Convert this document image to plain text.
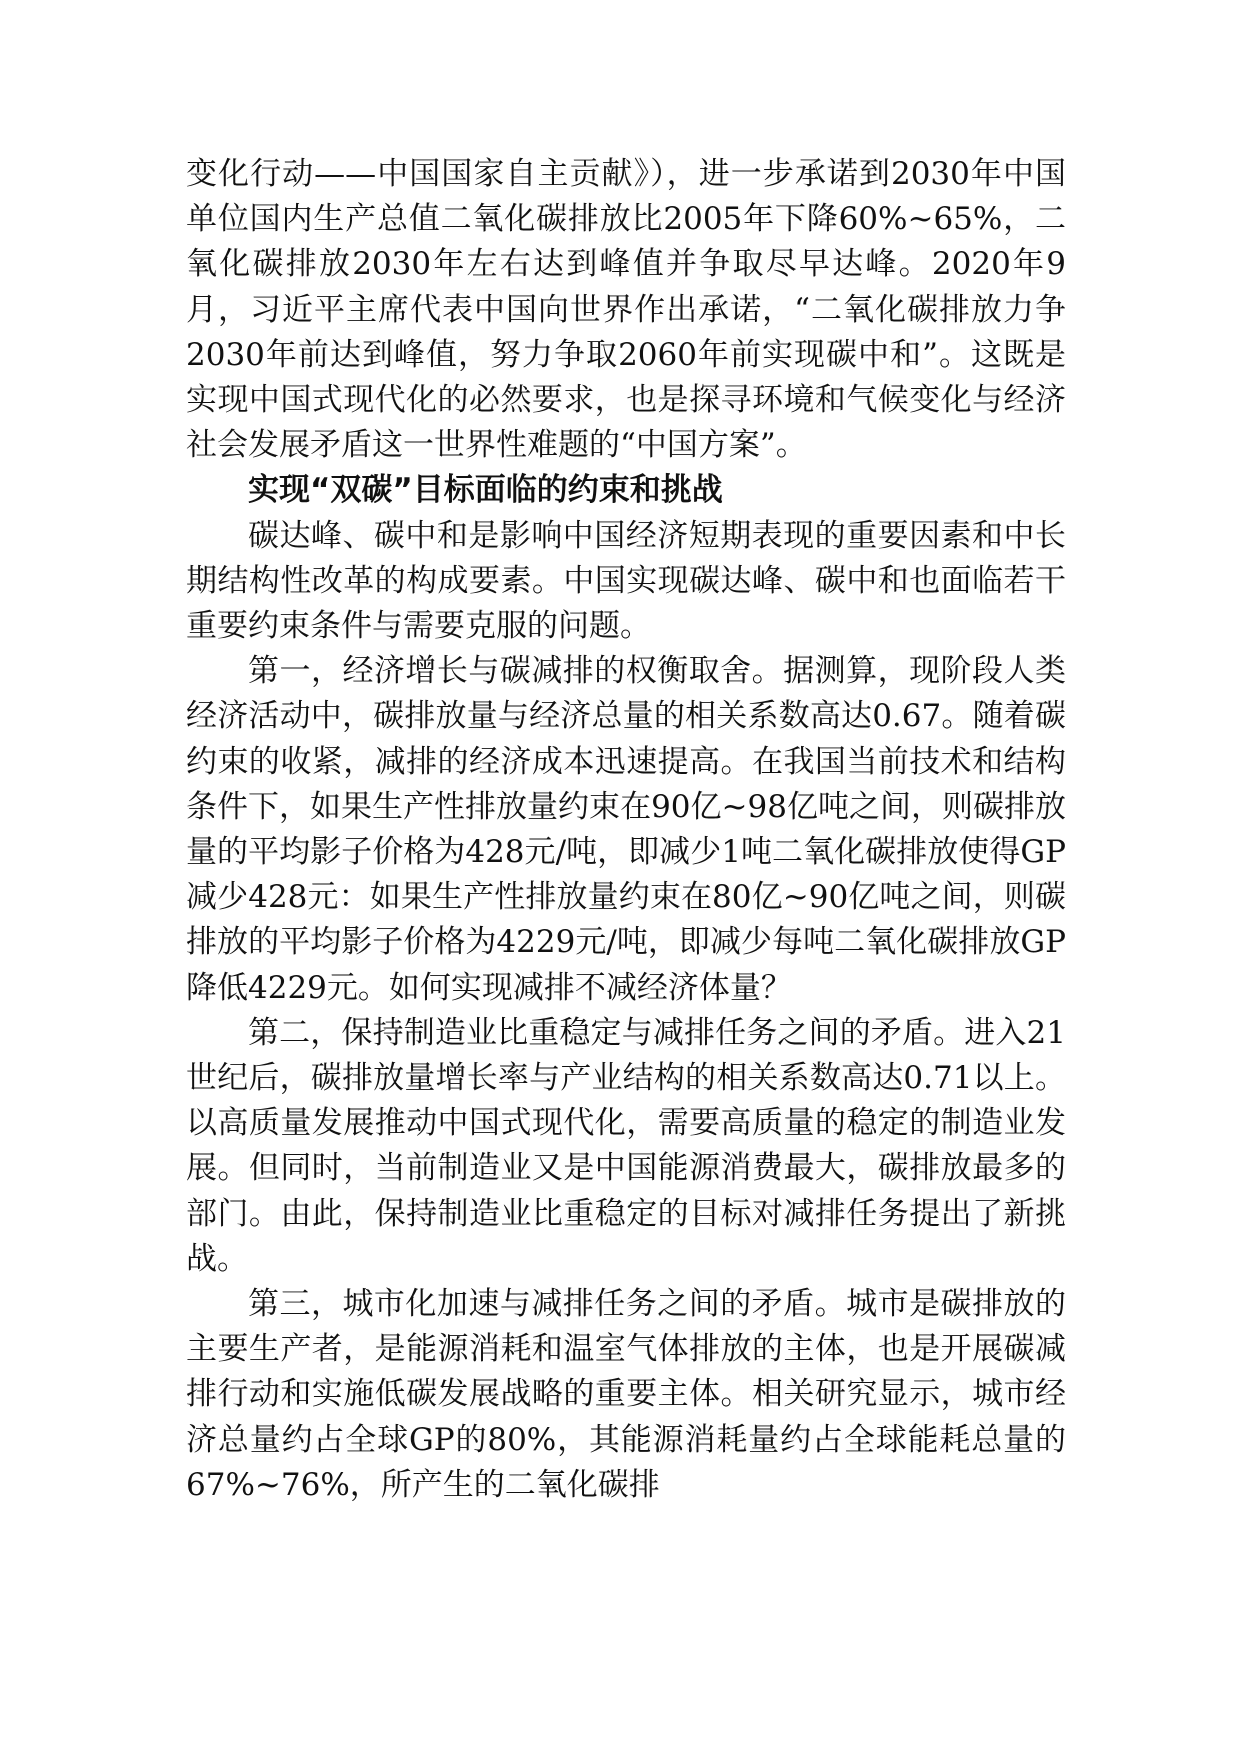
变化行动——中国国家自主贡献》），进一步承诺到2030年中国单位国内生产总值二氧化碳排放比2005年下降60%~65%，二氧化碳排放2030年左右达到峰值并争取尽早达峰。2020年9月，习近平主席代表中国向世界作出承诺，“二氧化碳排放力争2030年前达到峰值，努力争取2060年前实现碳中和”。这既是实现中国式现代化的必然要求，也是探寻环境和气候变化与经济社会发展矛盾这一世界性难题的“中国方案”。

实现“双碳”目标面临的约束和挑战

碳达峰、碳中和是影响中国经济短期表现的重要因素和中长期结构性改革的构成要素。中国实现碳达峰、碳中和也面临若干重要约束条件与需要克服的问题。

第一，经济增长与碳减排的权衡取舍。据测算，现阶段人类经济活动中，碳排放量与经济总量的相关系数高达0.67。随着碳约束的收紧，减排的经济成本迅速提高。在我国当前技术和结构条件下，如果生产性排放量约束在90亿~98亿吨之间，则碳排放量的平均影子价格为428元/吨，即减少1吨二氧化碳排放使得GP减少428元：如果生产性排放量约束在80亿~90亿吨之间，则碳排放的平均影子价格为4229元/吨，即减少每吨二氧化碳排放GP降低4229元。如何实现减排不减经济体量？

第二，保持制造业比重稳定与减排任务之间的矛盾。进入21世纪后，碳排放量增长率与产业结构的相关系数高达0.71以上。以高质量发展推动中国式现代化，需要高质量的稳定的制造业发展。但同时，当前制造业又是中国能源消费最大，碳排放最多的部门。由此，保持制造业比重稳定的目标对减排任务提出了新挑战。

第三，城市化加速与减排任务之间的矛盾。城市是碳排放的主要生产者，是能源消耗和温室气体排放的主体，也是开展碳减排行动和实施低碳发展战略的重要主体。相关研究显示，城市经济总量约占全球GP的80%，其能源消耗量约占全球能耗总量的67%~76%，所产生的二氧化碳排
